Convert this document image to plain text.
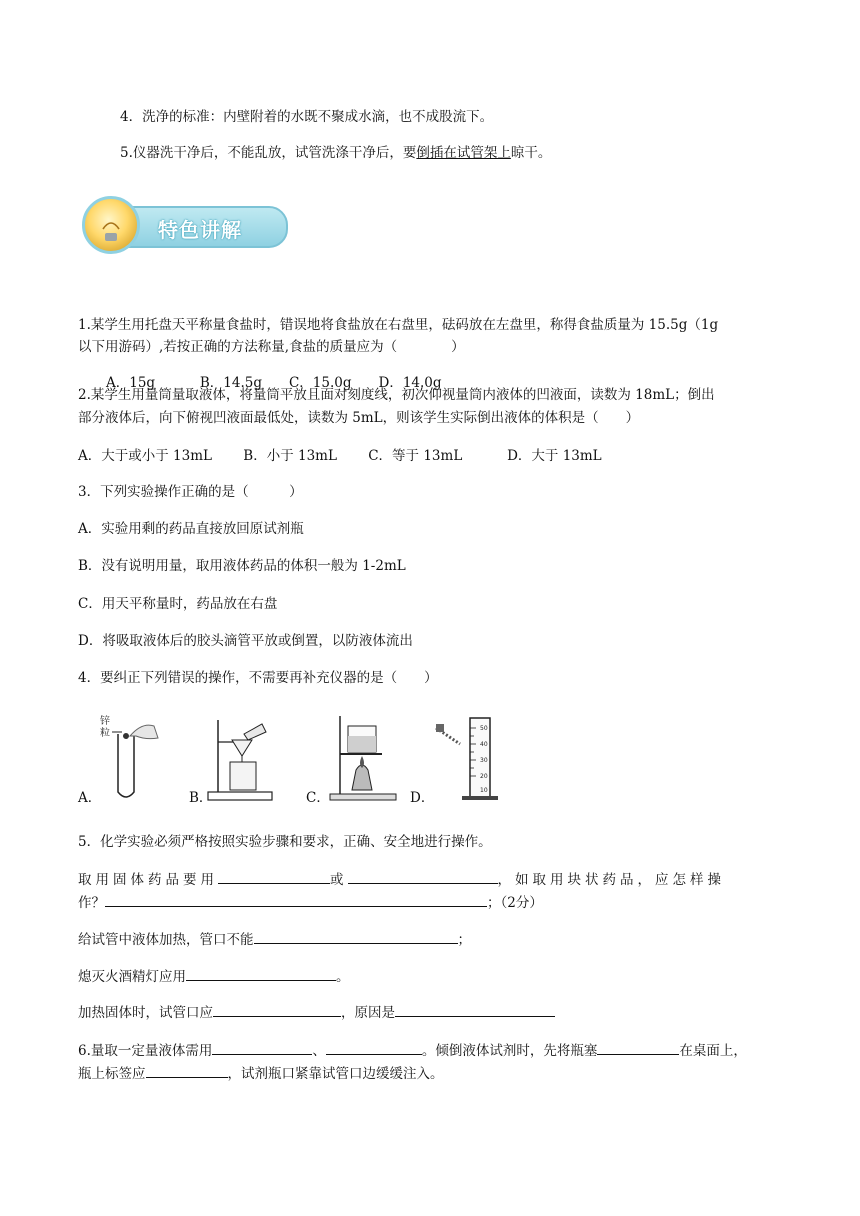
4．洗净的标准：内壁附着的水既不聚成水滴，也不成股流下。
5.仪器洗干净后，不能乱放，试管洗涤干净后，要倒插在试管架上晾干。
特色讲解
1.某学生用托盘天平称量食盐时，错误地将食盐放在右盘里，砝码放在左盘里，称得食盐质量为 15.5g（1g
以下用游码）,若按正确的方法称量,食盐的质量应为（　　　　）
A．15g　　　 B．14.5g　　C．15.0g　　D．14.0g
2.某学生用量筒量取液体，将量筒平放且面对刻度线，初次仰视量筒内液体的凹液面，读数为 18mL；倒出
部分液体后，向下俯视凹液面最低处，读数为 5mL，则该学生实际倒出液体的体积是（　　）
A．大于或小于 13mL　　 B．小于 13mL　　 C．等于 13mL　　　 D．大于 13mL
3．下列实验操作正确的是（　　　）
A．实验用剩的药品直接放回原试剂瓶
B．没有说明用量，取用液体药品的体积一般为 1-2mL
C．用天平称量时，药品放在右盘
D．将吸取液体后的胶头滴管平放或倒置，以防液体流出
4．要纠正下列错误的操作，不需要再补充仪器的是（　　）
A．
锌
粒
B．	C．	D．
50
40
30
20
10
5．化学实验必须严格按照实验步骤和要求，正确、安全地进行操作。
取用固体药品要用	或	，如取用块状药品，应怎样操
作？	；（2分）
给试管中液体加热，管口不能	；
熄灭火酒精灯应用	。
加热固体时，试管口应	，原因是
6.量取一定量液体需用	、	。倾倒液体试剂时，先将瓶塞	在桌面上，
瓶上标签应	，试剂瓶口紧靠试管口边缓缓注入。
